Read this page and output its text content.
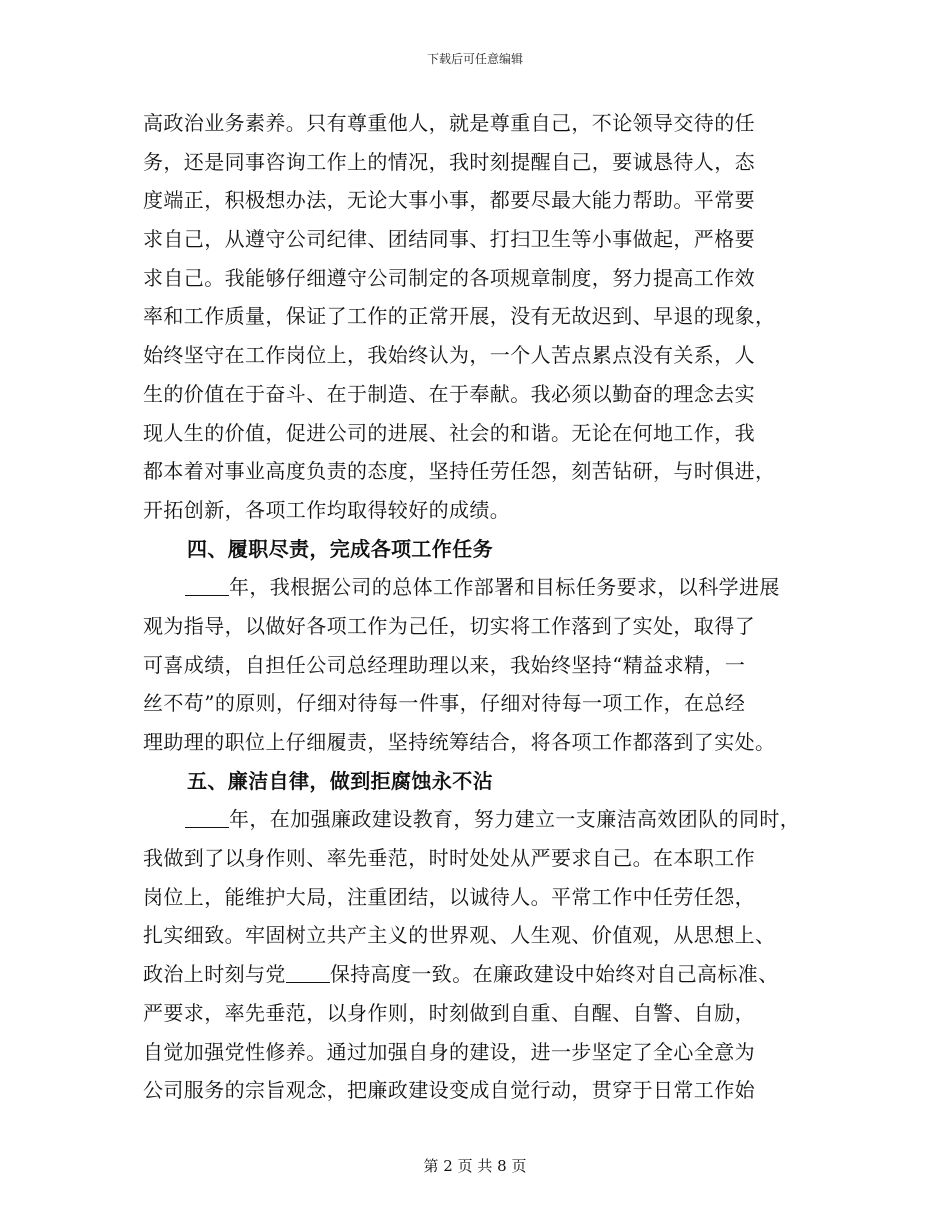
下载后可任意编辑
高政治业务素养。只有尊重他人，就是尊重自己，不论领导交待的任
务，还是同事咨询工作上的情况，我时刻提醒自己，要诚恳待人，态
度端正，积极想办法，无论大事小事，都要尽最大能力帮助。平常要
求自己，从遵守公司纪律、团结同事、打扫卫生等小事做起，严格要
求自己。我能够仔细遵守公司制定的各项规章制度，努力提高工作效
率和工作质量，保证了工作的正常开展，没有无故迟到、早退的现象，
始终坚守在工作岗位上，我始终认为，一个人苦点累点没有关系，人
生的价值在于奋斗、在于制造、在于奉献。我必须以勤奋的理念去实
现人生的价值，促进公司的进展、社会的和谐。无论在何地工作，我
都本着对事业高度负责的态度，坚持任劳任怨，刻苦钻研，与时俱进，
开拓创新，各项工作均取得较好的成绩。
四、履职尽责，完成各项工作任务
年，我根据公司的总体工作部署和目标任务要求，以科学进展
观为指导，以做好各项工作为己任，切实将工作落到了实处，取得了
可喜成绩，自担任公司总经理助理以来，我始终坚持“精益求精，一
丝不苟”的原则，仔细对待每一件事，仔细对待每一项工作，在总经
理助理的职位上仔细履责，坚持统筹结合，将各项工作都落到了实处。
五、廉洁自律，做到拒腐蚀永不沾
年，在加强廉政建设教育，努力建立一支廉洁高效团队的同时，
我做到了以身作则、率先垂范，时时处处从严要求自己。在本职工作
岗位上，能维护大局，注重团结，以诚待人。平常工作中任劳任怨，
扎实细致。牢固树立共产主义的世界观、人生观、价值观，从思想上、
政治上时刻与党 保持高度一致。在廉政建设中始终对自己高标准、
严要求，率先垂范，以身作则，时刻做到自重、自醒、自警、自励，
自觉加强党性修养。通过加强自身的建设，进一步坚定了全心全意为
公司服务的宗旨观念，把廉政建设变成自觉行动，贯穿于日常工作始
第 2 页 共 8 页
